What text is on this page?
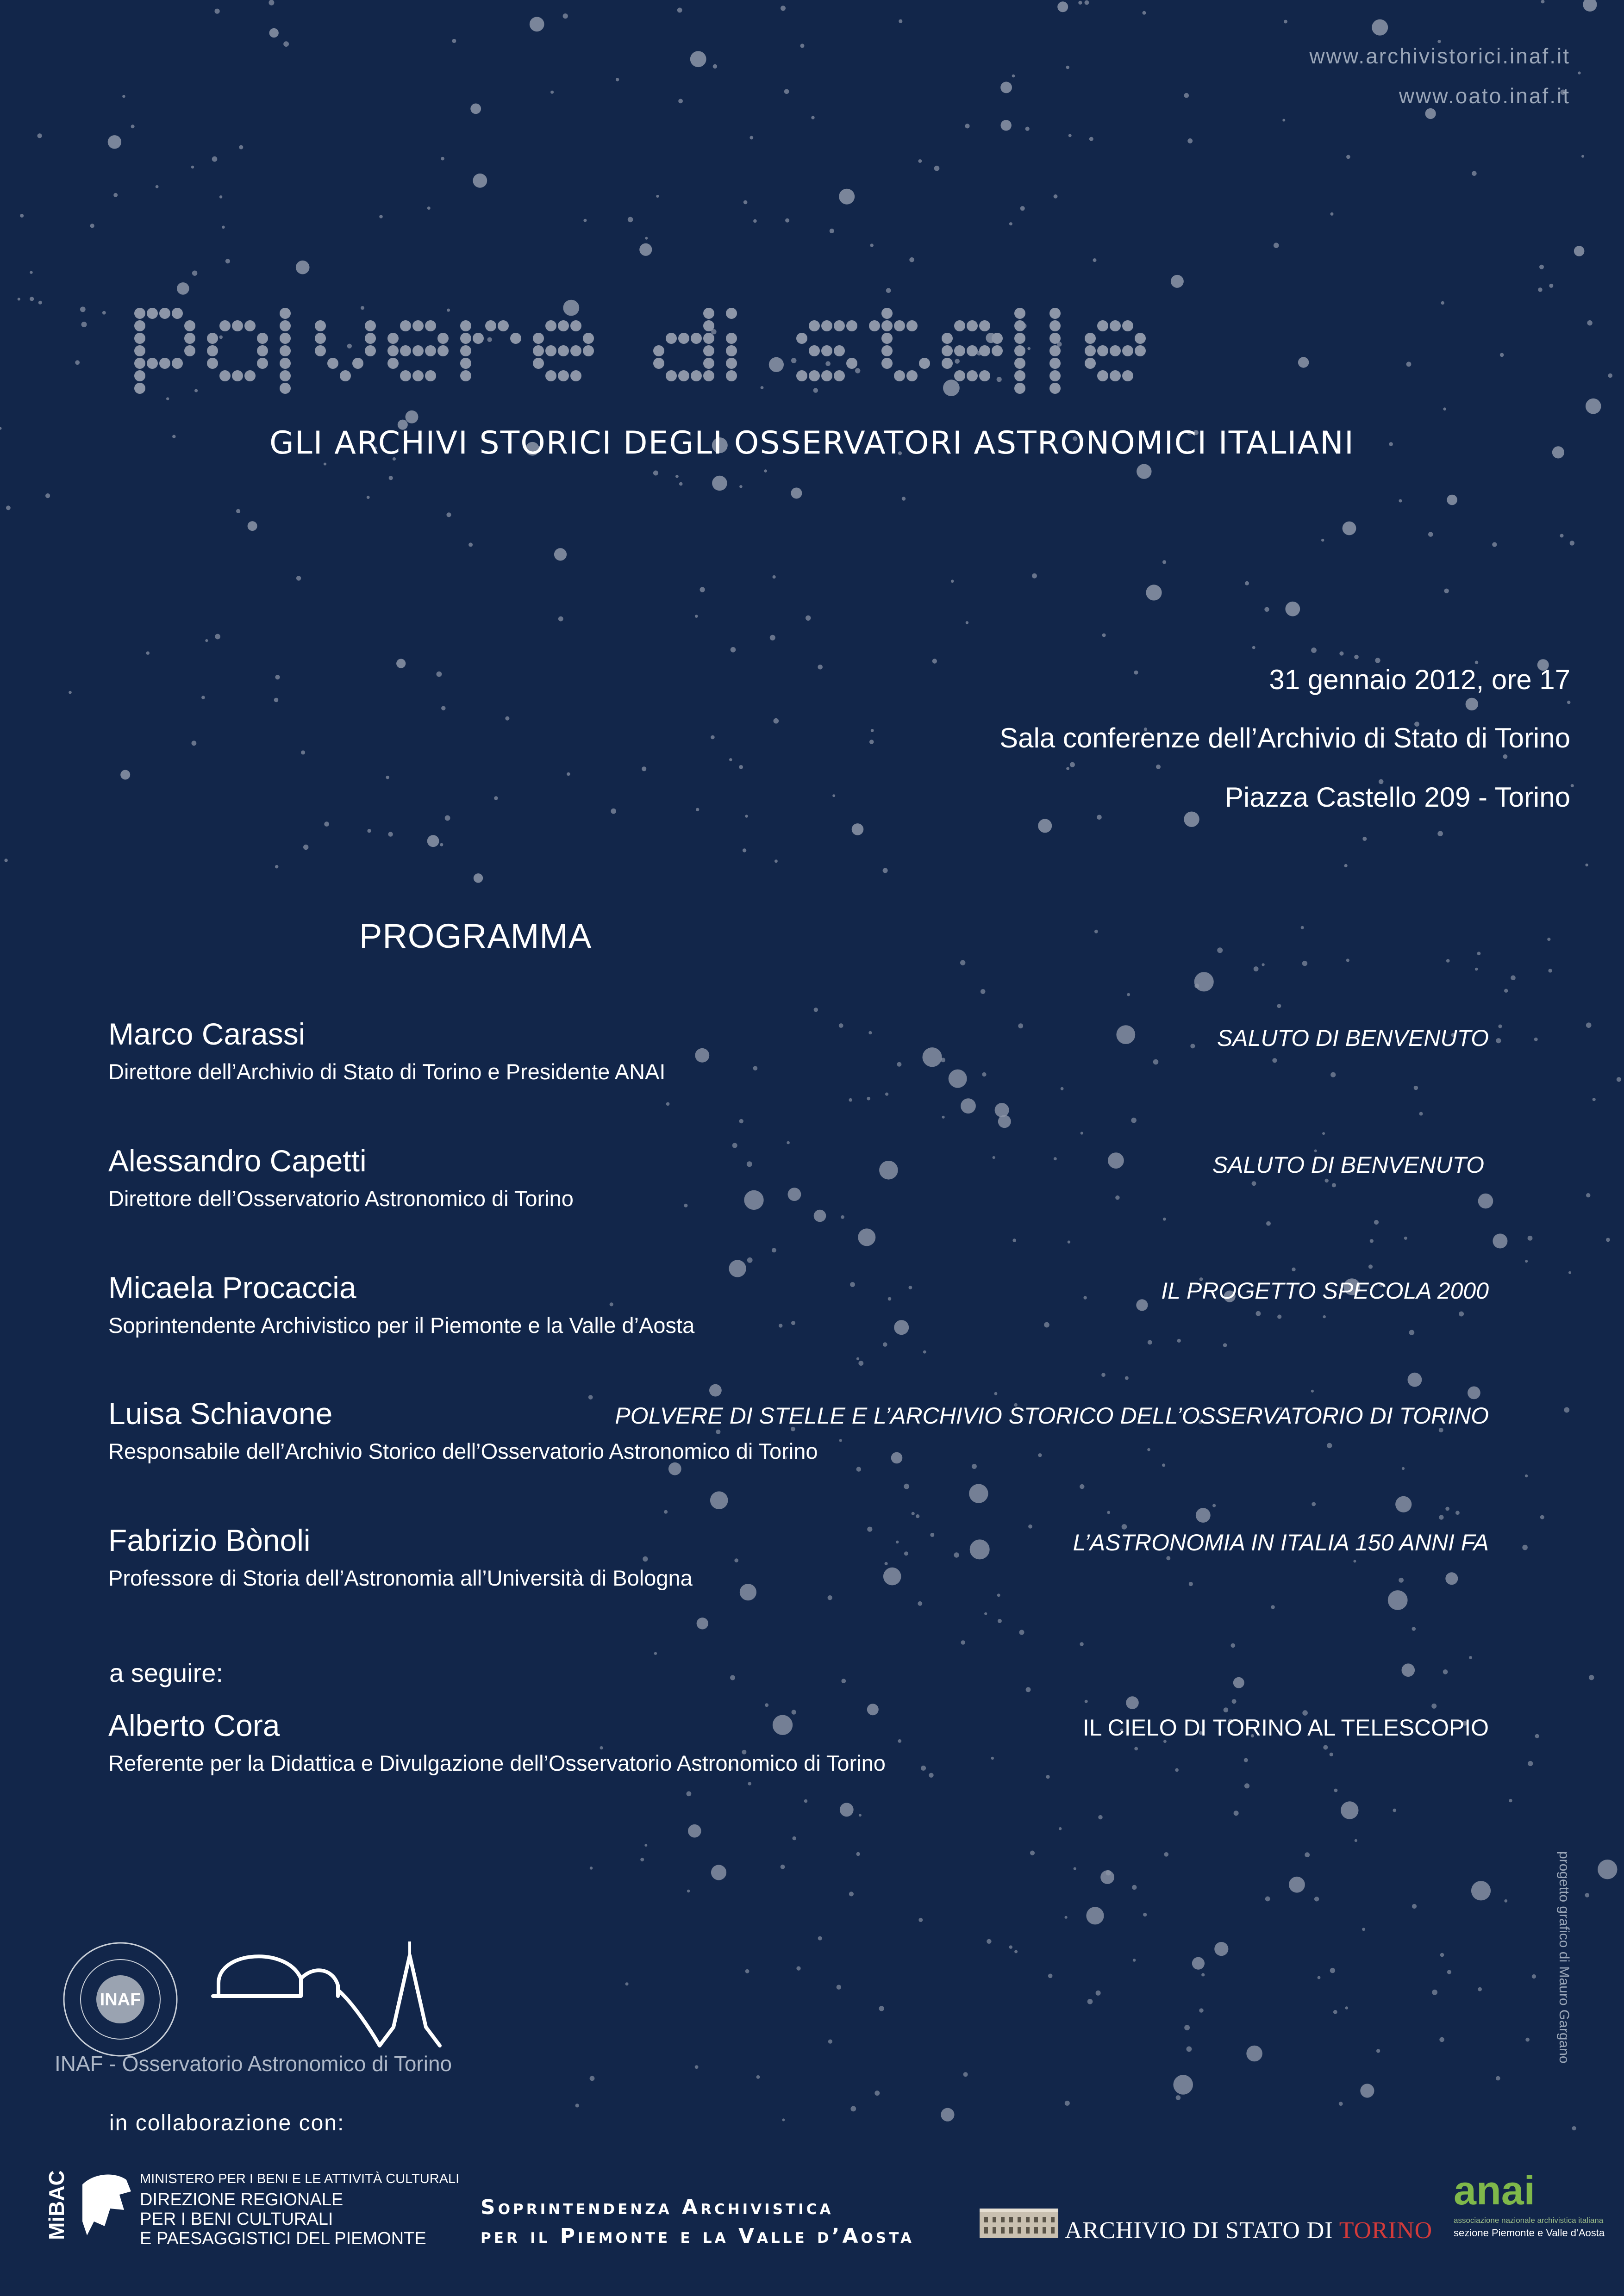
www.archivistorici.inaf.it
www.oato.inaf.it
GLI ARCHIVI STORICI DEGLI OSSERVATORI ASTRONOMICI ITALIANI
31 gennaio 2012, ore 17
Sala conferenze dell’Archivio di Stato di Torino
Piazza Castello 209 - Torino
PROGRAMMA
Marco Carassi
Direttore dell’Archivio di Stato di Torino e Presidente ANAI
SALUTO DI BENVENUTO
Alessandro Capetti
Direttore dell’Osservatorio Astronomico di Torino
SALUTO DI BENVENUTO
Micaela Procaccia
Soprintendente Archivistico per il Piemonte e la Valle d’Aosta
IL PROGETTO SPECOLA 2000
Luisa Schiavone
Responsabile dell’Archivio Storico dell’Osservatorio Astronomico di Torino
POLVERE DI STELLE E L’ARCHIVIO STORICO DELL’OSSERVATORIO DI TORINO
Fabrizio Bònoli
Professore di Storia dell’Astronomia all’Università di Bologna
L’ASTRONOMIA IN ITALIA 150 ANNI FA
a seguire:
Alberto Cora
Referente per la Didattica e Divulgazione dell’Osservatorio Astronomico di Torino
IL CIELO DI TORINO AL TELESCOPIO
INAF
INAF - Osservatorio Astronomico di Torino
in collaborazione con:
MiBAC	MINISTERO PER I BENI E LE ATTIVITÀ CULTURALI
DIREZIONE REGIONALE
PER I BENI CULTURALI
E PAESAGGISTICI DEL PIEMONTE
Soprintendenza Archivistica
per il Piemonte e la Valle d’Aosta	ARCHIVIO DI STATO DI TORINO
anai
associazione nazionale archivistica italiana
sezione Piemonte e Valle d’Aosta
progetto grafico di Mauro Gargano
